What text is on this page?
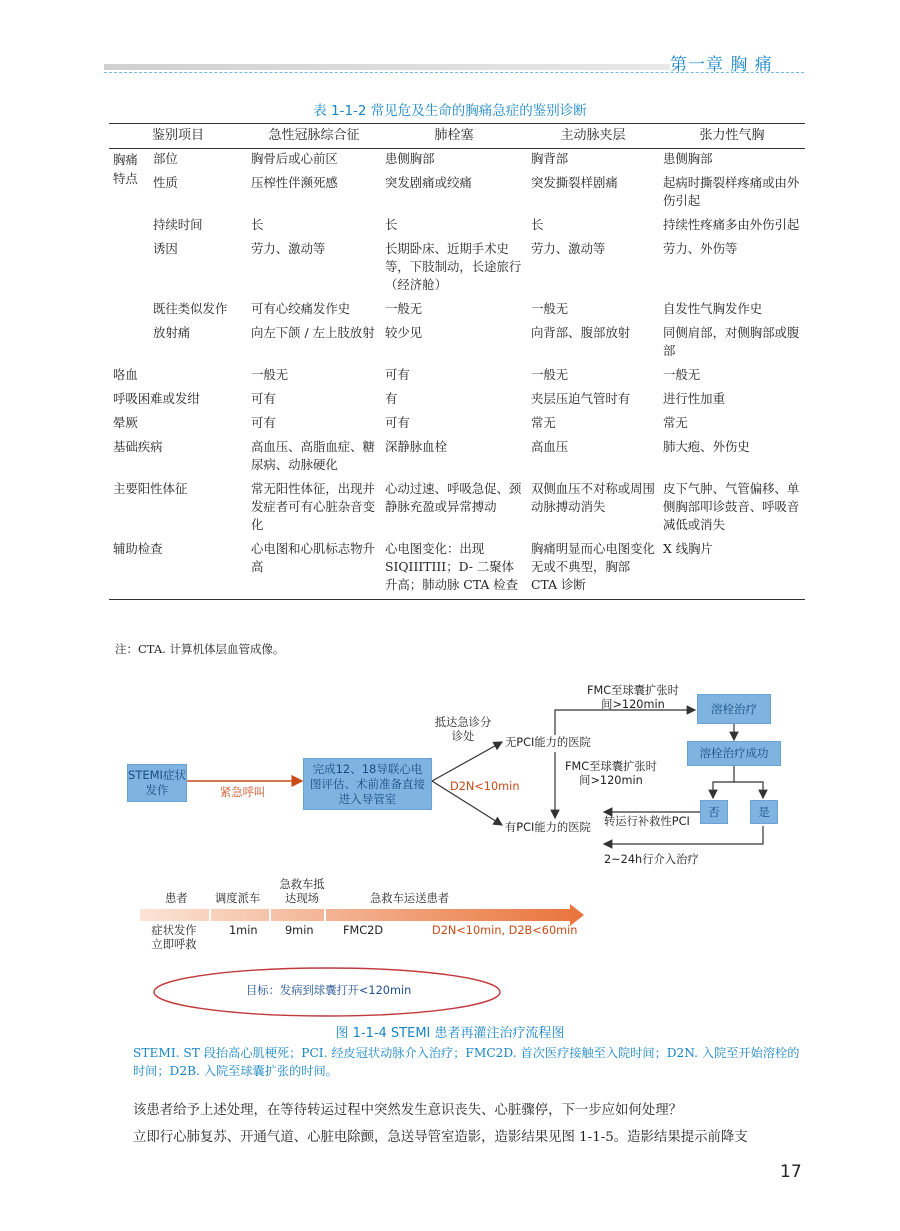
第一章 胸 痛
表 1-1-2 常见危及生命的胸痛急症的鉴别诊断
鉴别项目		急性冠脉综合征	肺栓塞	主动脉夹层	张力性气胸
胸痛特点	部位	胸骨后或心前区	患侧胸部	胸背部	患侧胸部
	性质	压榨性伴濒死感	突发剧痛或绞痛	突发撕裂样剧痛	起病时撕裂样疼痛或由外伤引起
	持续时间	长	长	长	持续性疼痛多由外伤引起
	诱因	劳力、激动等	长期卧床、近期手术史等，下肢制动，长途旅行（经济舱）	劳力、激动等	劳力、外伤等
	既往类似发作	可有心绞痛发作史	一般无	一般无	自发性气胸发作史
	放射痛	向左下颌 / 左上肢放射	较少见	向背部、腹部放射	同侧肩部，对侧胸部或腹部
咯血		一般无	可有	一般无	一般无
呼吸困难或发绀		可有	有	夹层压迫气管时有	进行性加重
晕厥		可有	可有	常无	常无
基础疾病		高血压、高脂血症、糖尿病、动脉硬化	深静脉血栓	高血压	肺大疱、外伤史
主要阳性体征		常无阳性体征，出现并发症者可有心脏杂音变化	心动过速、呼吸急促、颈静脉充盈或异常搏动	双侧血压不对称或周围动脉搏动消失	皮下气肿、气管偏移、单侧胸部叩诊鼓音、呼吸音减低或消失
辅助检查		心电图和心肌标志物升高	心电图变化：出现 SIQIIITIII；D- 二聚体升高；肺动脉 CTA 检查	胸痛明显而心电图变化无或不典型，胸部 CTA 诊断	X 线胸片
注：CTA. 计算机体层血管成像。
STEMI症状发作	紧急呼叫
完成12、18导联心电图评估、术前准备直接进入导管室
D2N<10min
抵达急诊分诊处	无PCI能力的医院
有PCI能力的医院
FMC至球囊扩张时间>120min
FMC至球囊扩张时间>120min
溶栓治疗
溶栓治疗成功
否	是
转运行补救性PCI
2~24h行介入治疗
患者 调度派车
急救车抵达现场	急救车运送患者
症状发作立即呼救
1min 9min	FMC2D	D2N<10min, D2B<60min
目标：发病到球囊打开<120min
图 1-1-4 STEMI 患者再灌注治疗流程图
STEMI. ST 段抬高心肌梗死；PCI. 经皮冠状动脉介入治疗；FMC2D. 首次医疗接触至入院时间；D2N. 入院至开始溶栓的时间；D2B. 入院至球囊扩张的时间。
该患者给予上述处理，在等待转运过程中突然发生意识丧失、心脏骤停，下一步应如何处理？
立即行心肺复苏、开通气道、心脏电除颤，急送导管室造影，造影结果见图 1-1-5。造影结果提示前降支
17
